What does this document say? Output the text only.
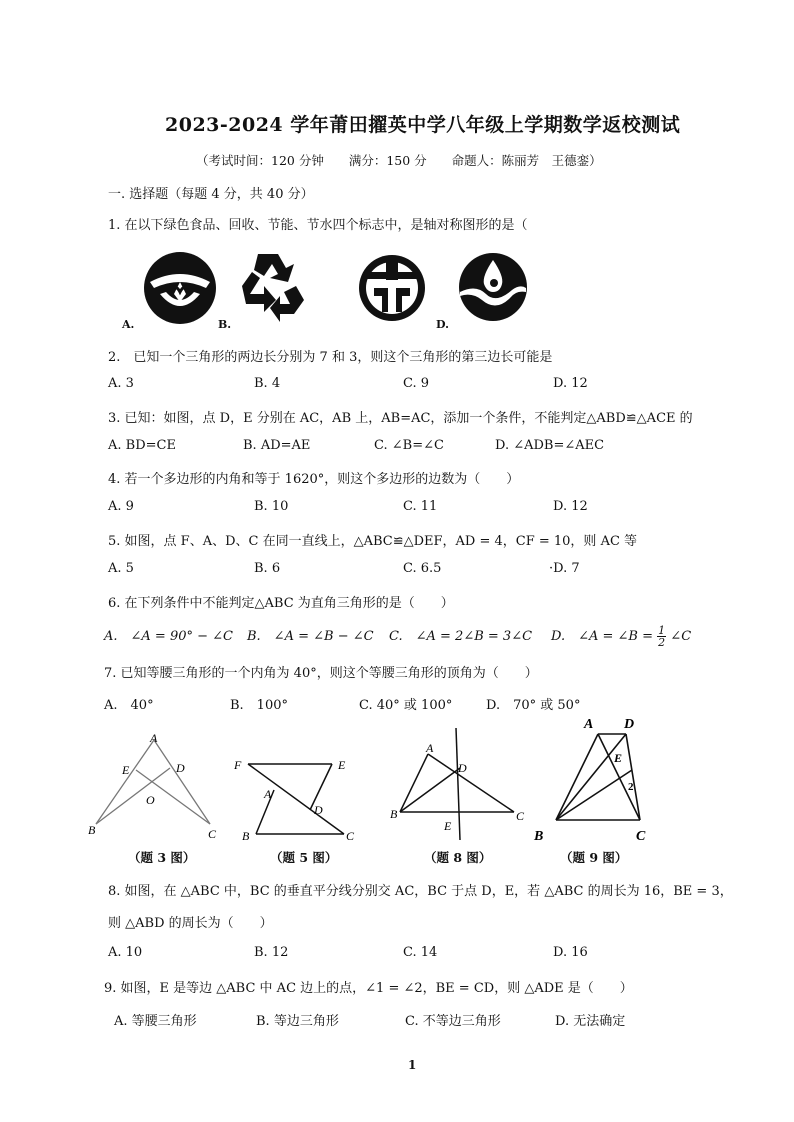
2023-2024 学年莆田擢英中学八年级上学期数学返校测试
（考试时间：120 分钟　　满分：150 分　　命题人：陈丽芳　王德銮）
一. 选择题（每题 4 分，共 40 分）
1. 在以下绿色食品、回收、节能、节水四个标志中，是轴对称图形的是（
A.	B.	D.
2.　已知一个三角形的两边长分别为 7 和 3，则这个三角形的第三边长可能是
A. 3	B. 4	C. 9	D. 12
3. 已知：如图，点 D，E 分别在 AC，AB 上，AB=AC，添加一个条件，不能判定△ABD≌△ACE 的
A. BD=CE	B. AD=AE	C. ∠B=∠C	D. ∠ADB=∠AEC
4. 若一个多边形的内角和等于 1620°，则这个多边形的边数为（　　）
A. 9	B. 10	C. 11	D. 12
5. 如图，点 F、A、D、C 在同一直线上，△ABC≌△DEF，AD = 4，CF = 10，则 AC 等
A. 5	B. 6	C. 6.5	·D. 7
6. 在下列条件中不能判定△ABC 为直角三角形的是（　　）
A.　∠A = 90° − ∠C B.　∠A = ∠B − ∠C C.　∠A = 2∠B = 3∠C D.　∠A = ∠B = $\frac{1}{2}$ ∠C
7. 已知等腰三角形的一个内角为 40°，则这个等腰三角形的顶角为（　　）
A.　40°	B.　100°	C. 40° 或 100°	D.　70° 或 50°
A
E	D
O
B	C
（题 3 图）
F	E
A
D
B	C
（题 5 图）
A
D
B
E
C
（题 8 图）
A D
E
2
B	C
（题 9 图）
8. 如图，在 △ABC 中，BC 的垂直平分线分别交 AC，BC 于点 D，E，若 △ABC 的周长为 16，BE = 3，
则 △ABD 的周长为（　　）
A. 10	B. 12	C. 14	D. 16
9. 如图，E 是等边 △ABC 中 AC 边上的点，∠1 = ∠2，BE = CD，则 △ADE 是（　　）
A. 等腰三角形	B. 等边三角形	C. 不等边三角形	D. 无法确定
1
